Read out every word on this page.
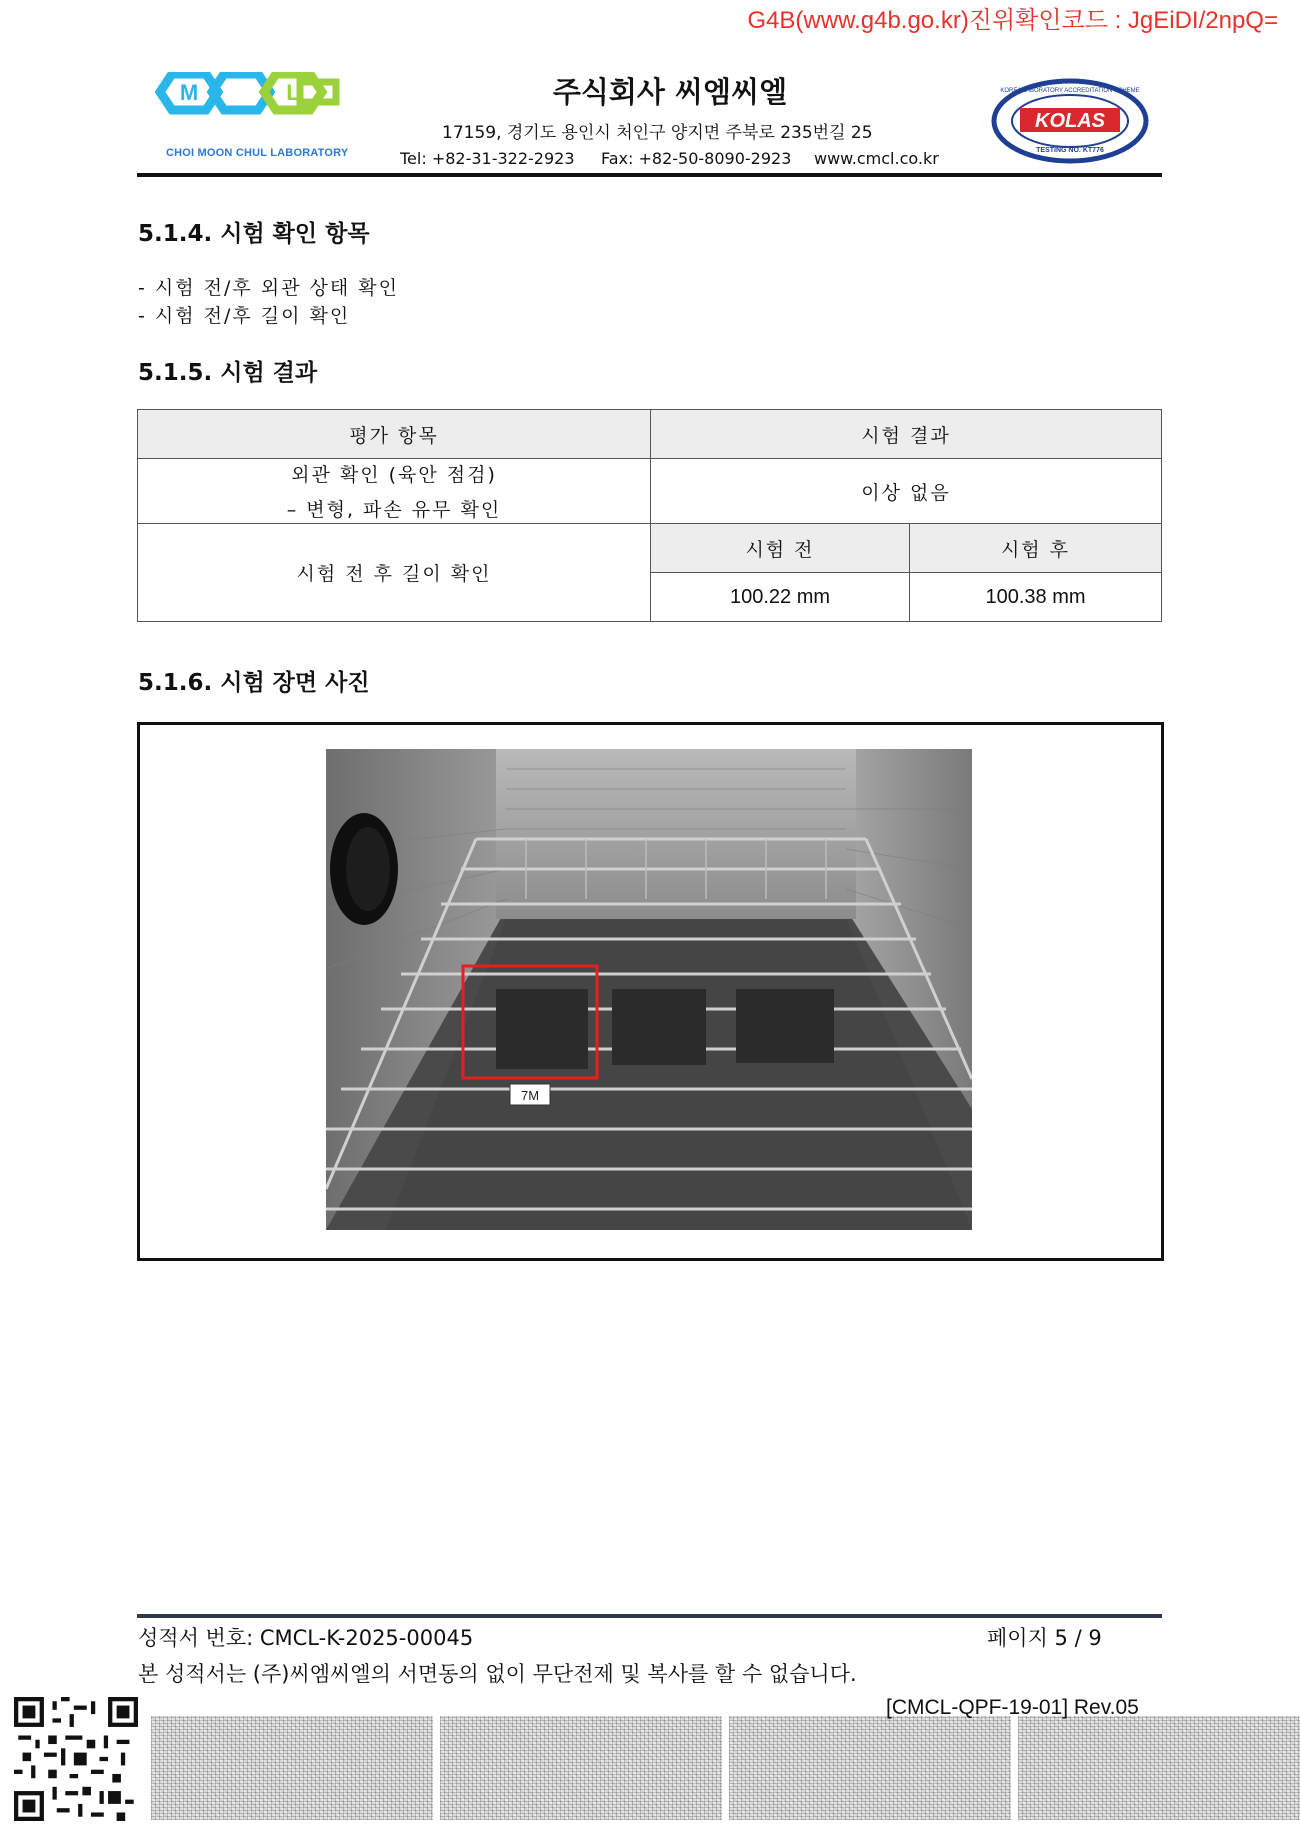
G4B(www.g4b.go.kr)진위확인코드 : JgEiDI/2npQ=
M	L
CHOI MOON CHUL LABORATORY
주식회사 씨엠씨엘
17159, 경기도 용인시 처인구 양지면 주북로 235번길 25
Tel: +82-31-322-2923 Fax: +82-50-8090-2923 www.cmcl.co.kr
KOLAS
KOREA LABORATORY ACCREDITATION SCHEME
TESTING NO. KT776
5.1.4. 시험 확인 항목
- 시험 전/후 외관 상태 확인
- 시험 전/후 길이 확인
5.1.5. 시험 결과
평가 항목	시험 결과	

외관 확인 (육안 점검)
– 변형, 파손 유무 확인	이상 없음	
시험 전 후 길이 확인	시험 전	시험 후
	100.22 mm	100.38 mm
5.1.6. 시험 장면 사진
7M
성적서 번호: CMCL-K-2025-00045	페이지 5 / 9
본 성적서는 (주)씨엠씨엘의 서면동의 없이 무단전제 및 복사를 할 수 없습니다.
[CMCL-QPF-19-01] Rev.05
